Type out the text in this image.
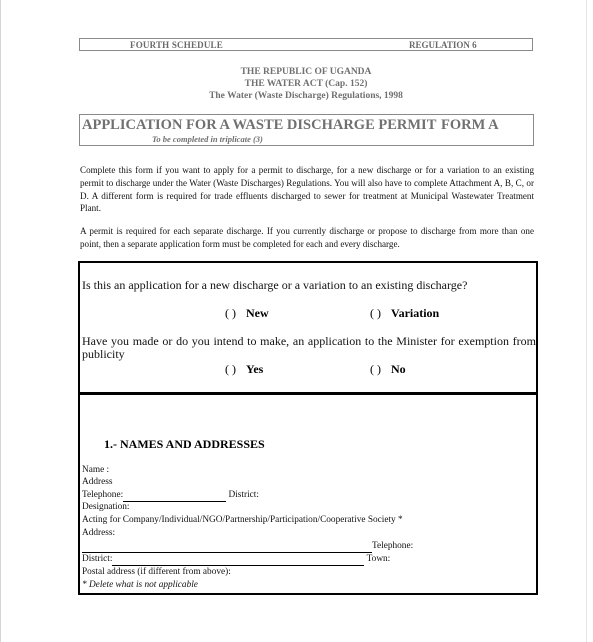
FOURTH SCHEDULE	REGULATION 6
THE REPUBLIC OF UGANDA
THE WATER ACT (Cap. 152)
The Water (Waste Discharge) Regulations, 1998
APPLICATION FOR A WASTE DISCHARGE PERMIT FORM A
To be completed in triplicate (3)
Complete this form if you want to apply for a permit to discharge, for a new discharge or for a variation to an existing permit to discharge under the Water (Waste Discharges) Regulations. You will also have to complete Attachment A, B, C, or D. A different form is required for trade effluents discharged to sewer for treatment at Municipal Wastewater Treatment Plant.
A permit is required for each separate discharge. If you currently discharge or propose to discharge from more than one point, then a separate application form must be completed for each and every discharge.
Is this an application for a new discharge or a variation to an existing discharge?
( ) New	( ) Variation
Have you made or do you intend to make, an application to the Minister for exemption from publicity
( ) Yes	( ) No
1.- NAMES AND ADDRESSES
Name :
Address
Telephone:	District:
Designation:
Acting for Company/Individual/NGO/Partnership/Participation/Cooperative Society *
Address:
Telephone:
District:	Town:
Postal address (if different from above):
* Delete what is not applicable
